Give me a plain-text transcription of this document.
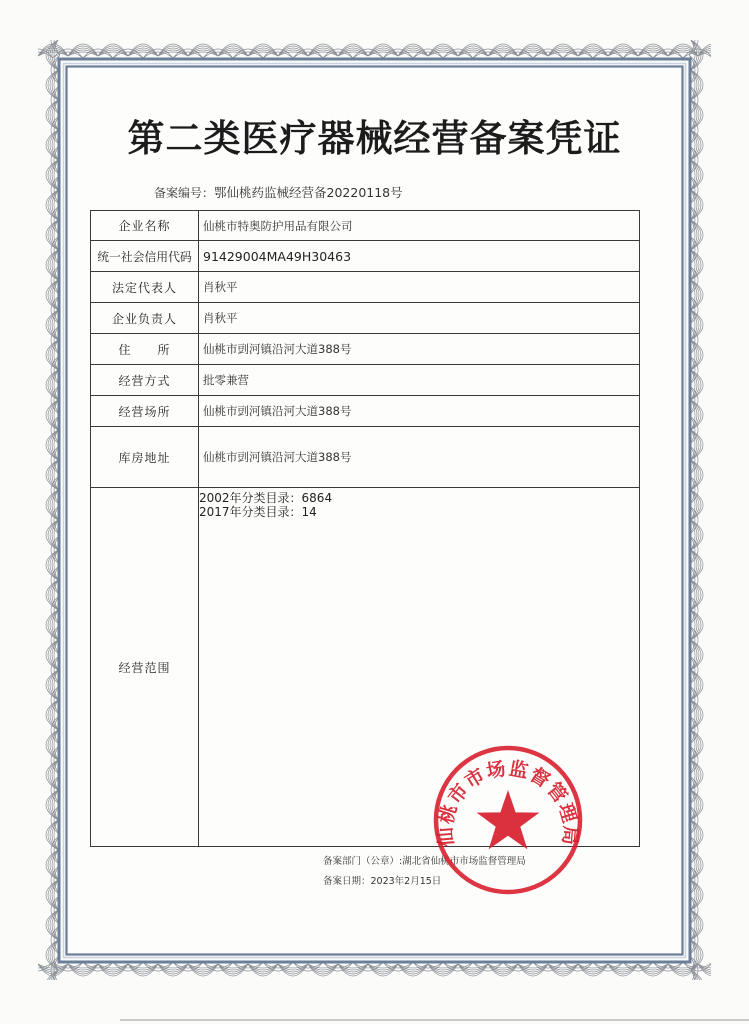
第二类医疗器械经营备案凭证
备案编号：鄂仙桃药监械经营备20220118号
企业名称	仙桃市特奥防护用品有限公司
统一社会信用代码	91429004MA49H30463
法定代表人	肖秋平
企业负责人	肖秋平
住　　所	仙桃市剅河镇沿河大道388号
经营方式	批零兼营
经营场所	仙桃市剅河镇沿河大道388号
库房地址	仙桃市剅河镇沿河大道388号
经营范围	2002年分类目录：6864
2017年分类目录：14
备案部门（公章）:湖北省仙桃市市场监督管理局
备案日期：2023年2月15日
仙桃市市场监督管理局
